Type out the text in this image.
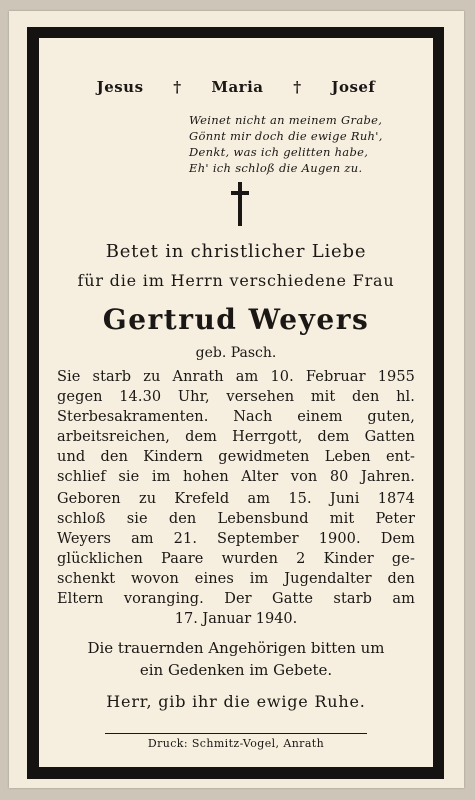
Jesus † Maria † Josef
Weinet nicht an meinem Grabe,
Gönnt mir doch die ewige Ruh',
Denkt, was ich gelitten habe,
Eh' ich schloß die Augen zu.
Betet in christlicher Liebe
für die im Herrn verschiedene Frau
Gertrud Weyers
geb. Pasch.
Sie starb zu Anrath am 10. Februar 1955
gegen 14.30 Uhr, versehen mit den hl.
Sterbesakramenten. Nach einem guten,
arbeitsreichen, dem Herrgott, dem Gatten
und den Kindern gewidmeten Leben ent-
schlief sie im hohen Alter von 80 Jahren.
Geboren zu Krefeld am 15. Juni 1874
schloß sie den Lebensbund mit Peter
Weyers am 21. September 1900. Dem
glücklichen Paare wurden 2 Kinder ge-
schenkt wovon eines im Jugendalter den
Eltern voranging. Der Gatte starb am
17. Januar 1940.
Die trauernden Angehörigen bitten um
ein Gedenken im Gebete.
Herr, gib ihr die ewige Ruhe.
Druck: Schmitz-Vogel, Anrath
